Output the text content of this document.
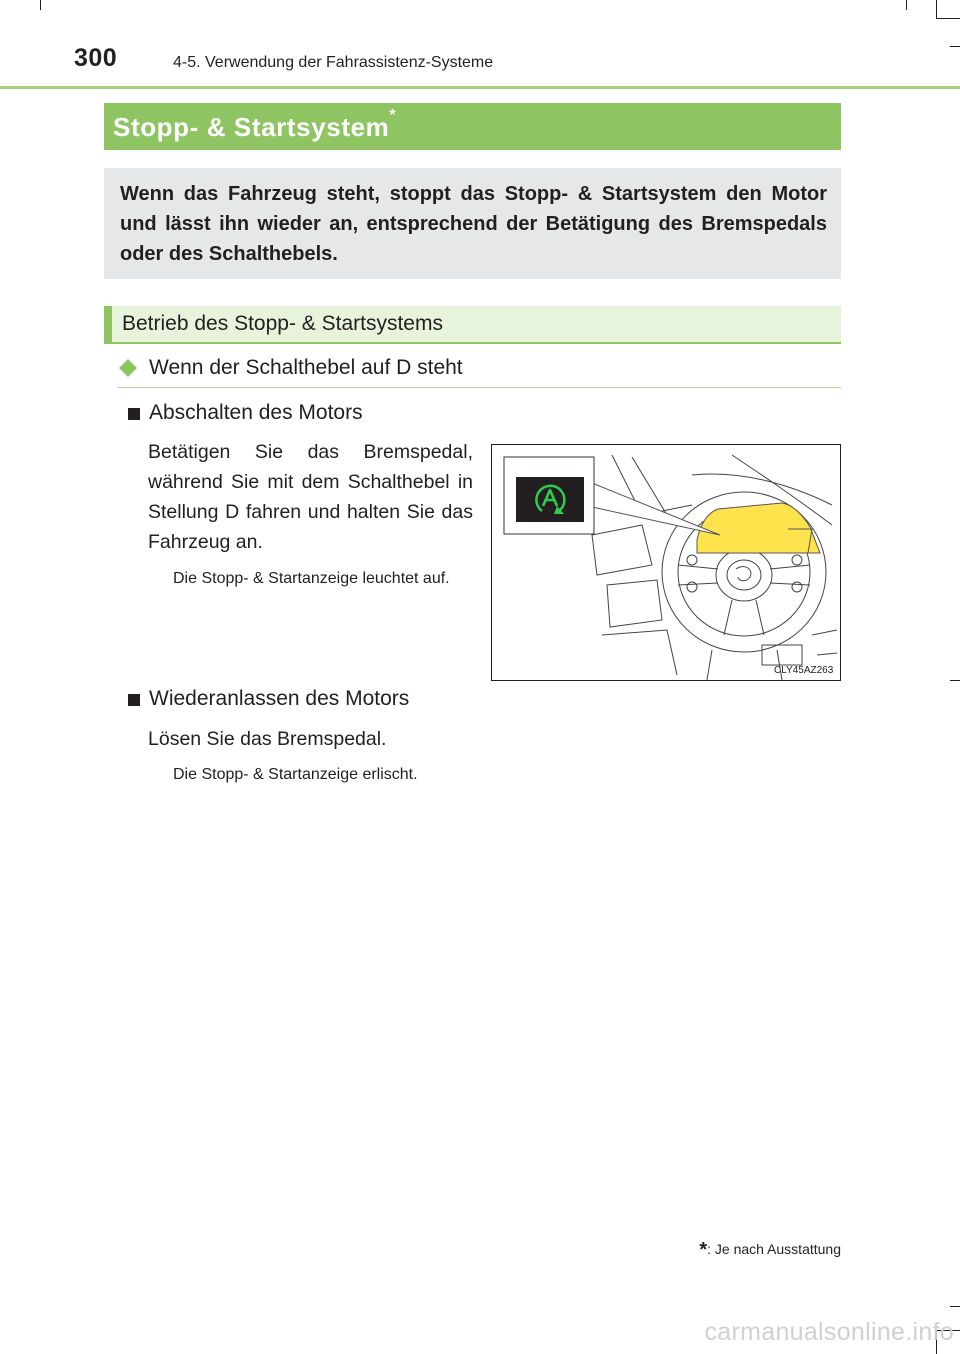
300	4-5. Verwendung der Fahrassistenz-Systeme
Stopp- & Startsystem *
Wenn das Fahrzeug steht, stoppt das Stopp- & Startsystem den Motor und lässt ihn wieder an, entsprechend der Betätigung des Bremspedals oder des Schalthebels.
Betrieb des Stopp- & Startsystems
Wenn der Schalthebel auf D steht
Abschalten des Motors
Betätigen Sie das Bremspedal, während Sie mit dem Schalthebel in Stellung D fahren und halten Sie das Fahrzeug an.
Die Stopp- & Startanzeige leuchtet auf.
CLY45AZ263
Wiederanlassen des Motors
Lösen Sie das Bremspedal.
Die Stopp- & Startanzeige erlischt.
*: Je nach Ausstattung
carmanualsonline.info
